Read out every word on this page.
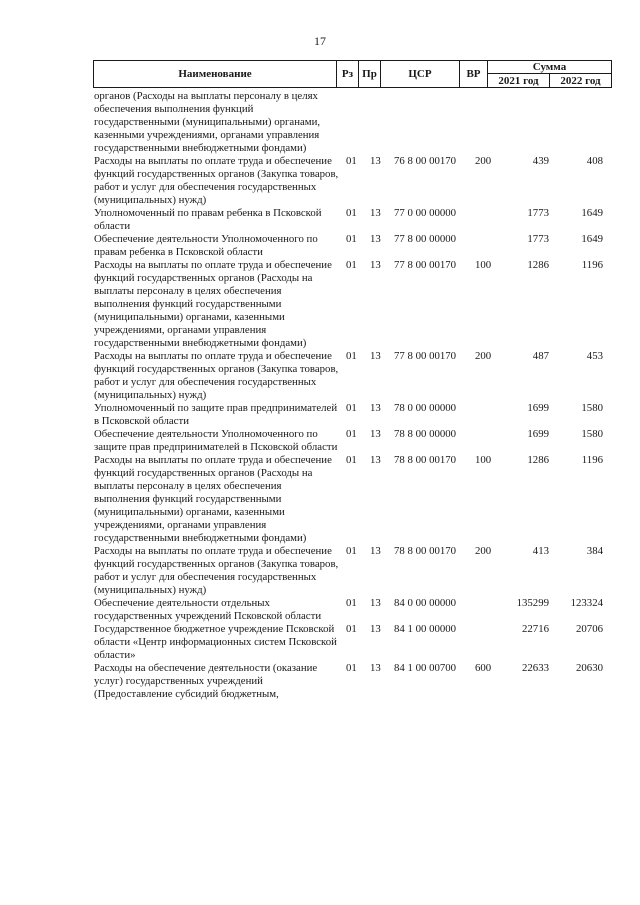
17
Наименование	Рз	Пр	ЦСР	ВР	Сумма	
					2021 год	2022 год
органов (Расходы на выплаты персоналу в целях обеспечения выполнения функций государственными (муниципальными) органами, казенными учреждениями, органами управления государственными внебюджетными фондами)
Расходы на выплаты по оплате труда и обеспечение функций государственных органов (Закупка товаров, работ и услуг для обеспечения государственных (муниципальных) нужд)
01 13 76 8 00 00170 200	439	408
Уполномоченный по правам ребенка в Псковской области
01 13 77 0 00 00000	1773	1649
Обеспечение деятельности Уполномоченного по правам ребенка в Псковской области
01 13 77 8 00 00000	1773	1649
Расходы на выплаты по оплате труда и обеспечение функций государственных органов (Расходы на выплаты персоналу в целях обеспечения выполнения функций государственными (муниципальными) органами, казенными учреждениями, органами управления государственными внебюджетными фондами)
01 13 77 8 00 00170 100	1286	1196
Расходы на выплаты по оплате труда и обеспечение функций государственных органов (Закупка товаров, работ и услуг для обеспечения государственных (муниципальных) нужд)
01 13 77 8 00 00170 200	487	453
Уполномоченный по защите прав предпринимателей в Псковской области
01 13 78 0 00 00000	1699	1580
Обеспечение деятельности Уполномоченного по защите прав предпринимателей в Псковской области
01 13 78 8 00 00000	1699	1580
Расходы на выплаты по оплате труда и обеспечение функций государственных органов (Расходы на выплаты персоналу в целях обеспечения выполнения функций государственными (муниципальными) органами, казенными учреждениями, органами управления государственными внебюджетными фондами)
01 13 78 8 00 00170 100	1286	1196
Расходы на выплаты по оплате труда и обеспечение функций государственных органов (Закупка товаров, работ и услуг для обеспечения государственных (муниципальных) нужд)
01 13 78 8 00 00170 200	413	384
Обеспечение деятельности отдельных государственных учреждений Псковской области
01 13 84 0 00 00000	135299 123324
Государственное бюджетное учреждение Псковской области «Центр информационных систем Псковской области»
01 13 84 1 00 00000	22716	20706
Расходы на обеспечение деятельности (оказание услуг) государственных учреждений (Предоставление субсидий бюджетным,
01 13 84 1 00 00700 600	22633	20630
